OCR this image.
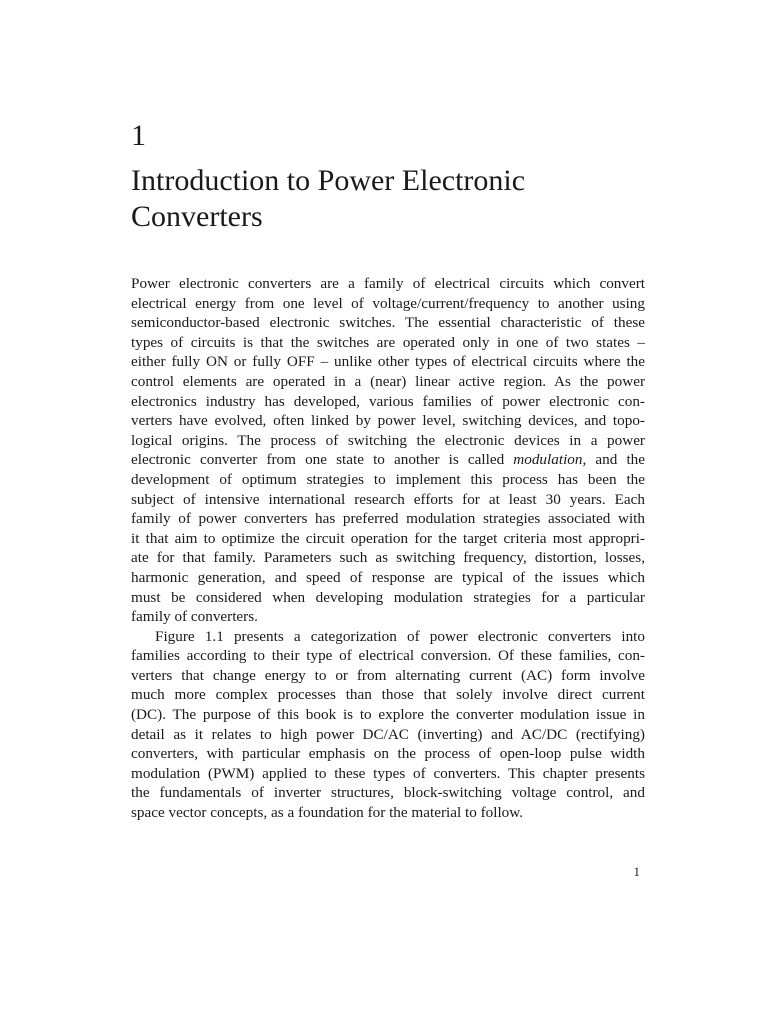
1
Introduction to Power Electronic
Converters

Power electronic converters are a family of electrical circuits which convert
electrical energy from one level of voltage/current/frequency to another using
semiconductor-based electronic switches. The essential characteristic of these
types of circuits is that the switches are operated only in one of two states –
either fully ON or fully OFF – unlike other types of electrical circuits where the
control elements are operated in a (near) linear active region. As the power
electronics industry has developed, various families of power electronic con-
verters have evolved, often linked by power level, switching devices, and topo-
logical origins. The process of switching the electronic devices in a power
electronic converter from one state to another is called modulation, and the
development of optimum strategies to implement this process has been the
subject of intensive international research efforts for at least 30 years. Each
family of power converters has preferred modulation strategies associated with
it that aim to optimize the circuit operation for the target criteria most appropri-
ate for that family. Parameters such as switching frequency, distortion, losses,
harmonic generation, and speed of response are typical of the issues which
must be considered when developing modulation strategies for a particular
family of converters.

Figure 1.1 presents a categorization of power electronic converters into
families according to their type of electrical conversion. Of these families, con-
verters that change energy to or from alternating current (AC) form involve
much more complex processes than those that solely involve direct current
(DC). The purpose of this book is to explore the converter modulation issue in
detail as it relates to high power DC/AC (inverting) and AC/DC (rectifying)
converters, with particular emphasis on the process of open-loop pulse width
modulation (PWM) applied to these types of converters. This chapter presents
the fundamentals of inverter structures, block-switching voltage control, and
space vector concepts, as a foundation for the material to follow.

1
